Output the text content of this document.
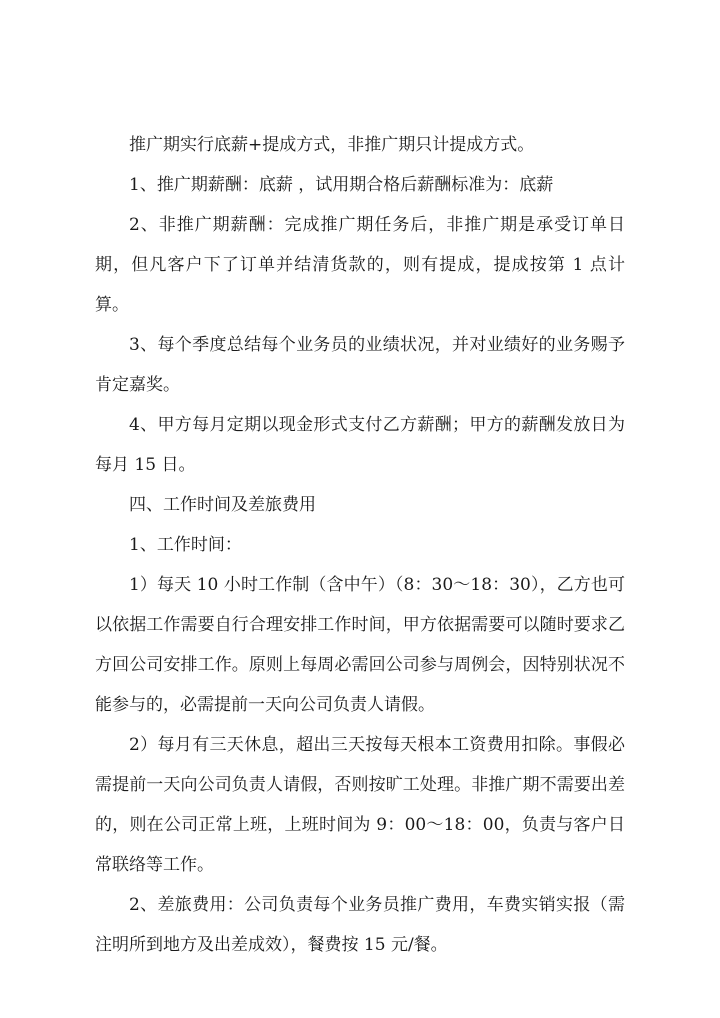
推广期实行底薪+提成方式，非推广期只计提成方式。

1、推广期薪酬：底薪 ，试用期合格后薪酬标准为：底薪

2、非推广期薪酬：完成推广期任务后，非推广期是承受订单日期，但凡客户下了订单并结清货款的，则有提成，提成按第 1 点计算。

3、每个季度总结每个业务员的业绩状况，并对业绩好的业务赐予肯定嘉奖。

4、甲方每月定期以现金形式支付乙方薪酬；甲方的薪酬发放日为每月 15 日。

四、工作时间及差旅费用

1、工作时间：

1）每天 10 小时工作制（含中午）（8：30～18：30），乙方也可以依据工作需要自行合理安排工作时间，甲方依据需要可以随时要求乙方回公司安排工作。原则上每周必需回公司参与周例会，因特别状况不能参与的，必需提前一天向公司负责人请假。

2）每月有三天休息，超出三天按每天根本工资费用扣除。事假必需提前一天向公司负责人请假，否则按旷工处理。非推广期不需要出差的，则在公司正常上班，上班时间为 9：00～18：00，负责与客户日常联络等工作。

2、差旅费用：公司负责每个业务员推广费用，车费实销实报（需注明所到地方及出差成效），餐费按 15 元/餐。
